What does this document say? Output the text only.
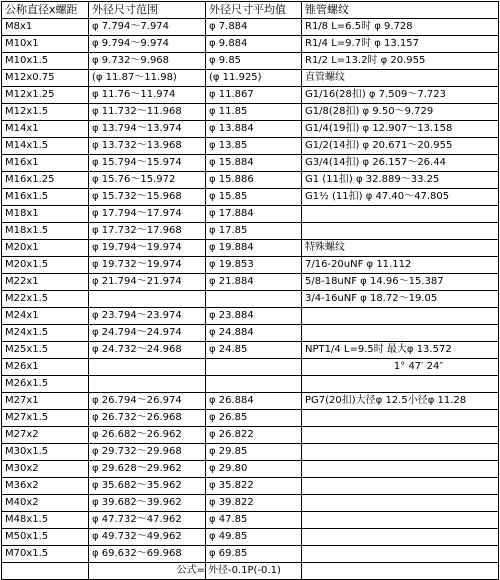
公称直径x螺距	外径尺寸范围	外径尺寸平均值	锥管螺纹
M8x1	φ 7.794～7.974	φ 7.884	R1/8 L=6.5时 φ 9.728
M10x1	φ 9.794～9.974	φ 9.884	R1/4 L=9.7时 φ 13.157
M10x1.5	φ 9.732～9.968	φ 9.85	R1/2 L=13.2时 φ 20.955
M12x0.75	(φ 11.87～11.98)	(φ 11.925)	直管螺纹
M12x1.25	φ 11.76～11.974	φ 11.867	G1/16(28扣) φ 7.509～7.723
M12x1.5	φ 11.732～11.968	φ 11.85	G1/8(28扣) φ 9.50～9.729
M14x1	φ 13.794～13.974	φ 13.884	G1/4(19扣) φ 12.907～13.158
M14x1.5	φ 13.732～13.968	φ 13.85	G1/2(14扣) φ 20.671～20.955
M16x1	φ 15.794～15.974	φ 15.884	G3/4(14扣) φ 26.157～26.44
M16x1.25	φ 15.76～15.972	φ 15.886	G1 (11扣) φ 32.889～33.25
M16x1.5	φ 15.732～15.968	φ 15.85	G1½ (11扣) φ 47.40～47.805
M18x1	φ 17.794～17.974	φ 17.884	
M18x1.5	φ 17.732～17.968	φ 17.85	
M20x1	φ 19.794～19.974	φ 19.884	特殊螺纹
M20x1.5	φ 19.732～19.974	φ 19.853	7/16-20uNF φ 11.112
M22x1	φ 21.794～21.974	φ 21.884	5/8-18uNF φ 14.96～15.387
M22x1.5			3/4-16uNF φ 18.72～19.05
M24x1	φ 23.794～23.974	φ 23.884	
M24x1.5	φ 24.794～24.974	φ 24.884	
M25x1.5	φ 24.732～24.968	φ 24.85	NPT1/4 L=9.5时 最大φ 13.572
M26x1			1° 47′ 24″
M26x1.5			
M27x1	φ 26.794～26.974	φ 26.884	PG7(20扣)大径φ 12.5小径φ 11.28
M27x1.5	φ 26.732～26.968	φ 26.85	
M27x2	φ 26.682～26.962	φ 26.822	
M30x1.5	φ 29.732～29.968	φ 29.85	
M30x2	φ 29.628～29.962	φ 29.80	
M36x2	φ 35.682～35.962	φ 35.822	
M40x2	φ 39.682～39.962	φ 39.822	
M48x1.5	φ 47.732～47.962	φ 47.85	
M50x1.5	φ 49.732～49.962	φ 49.85	
M70x1.5	φ 69.632～69.968	φ 69.85	
	公式=	外径-0.1P(-0.1)	
